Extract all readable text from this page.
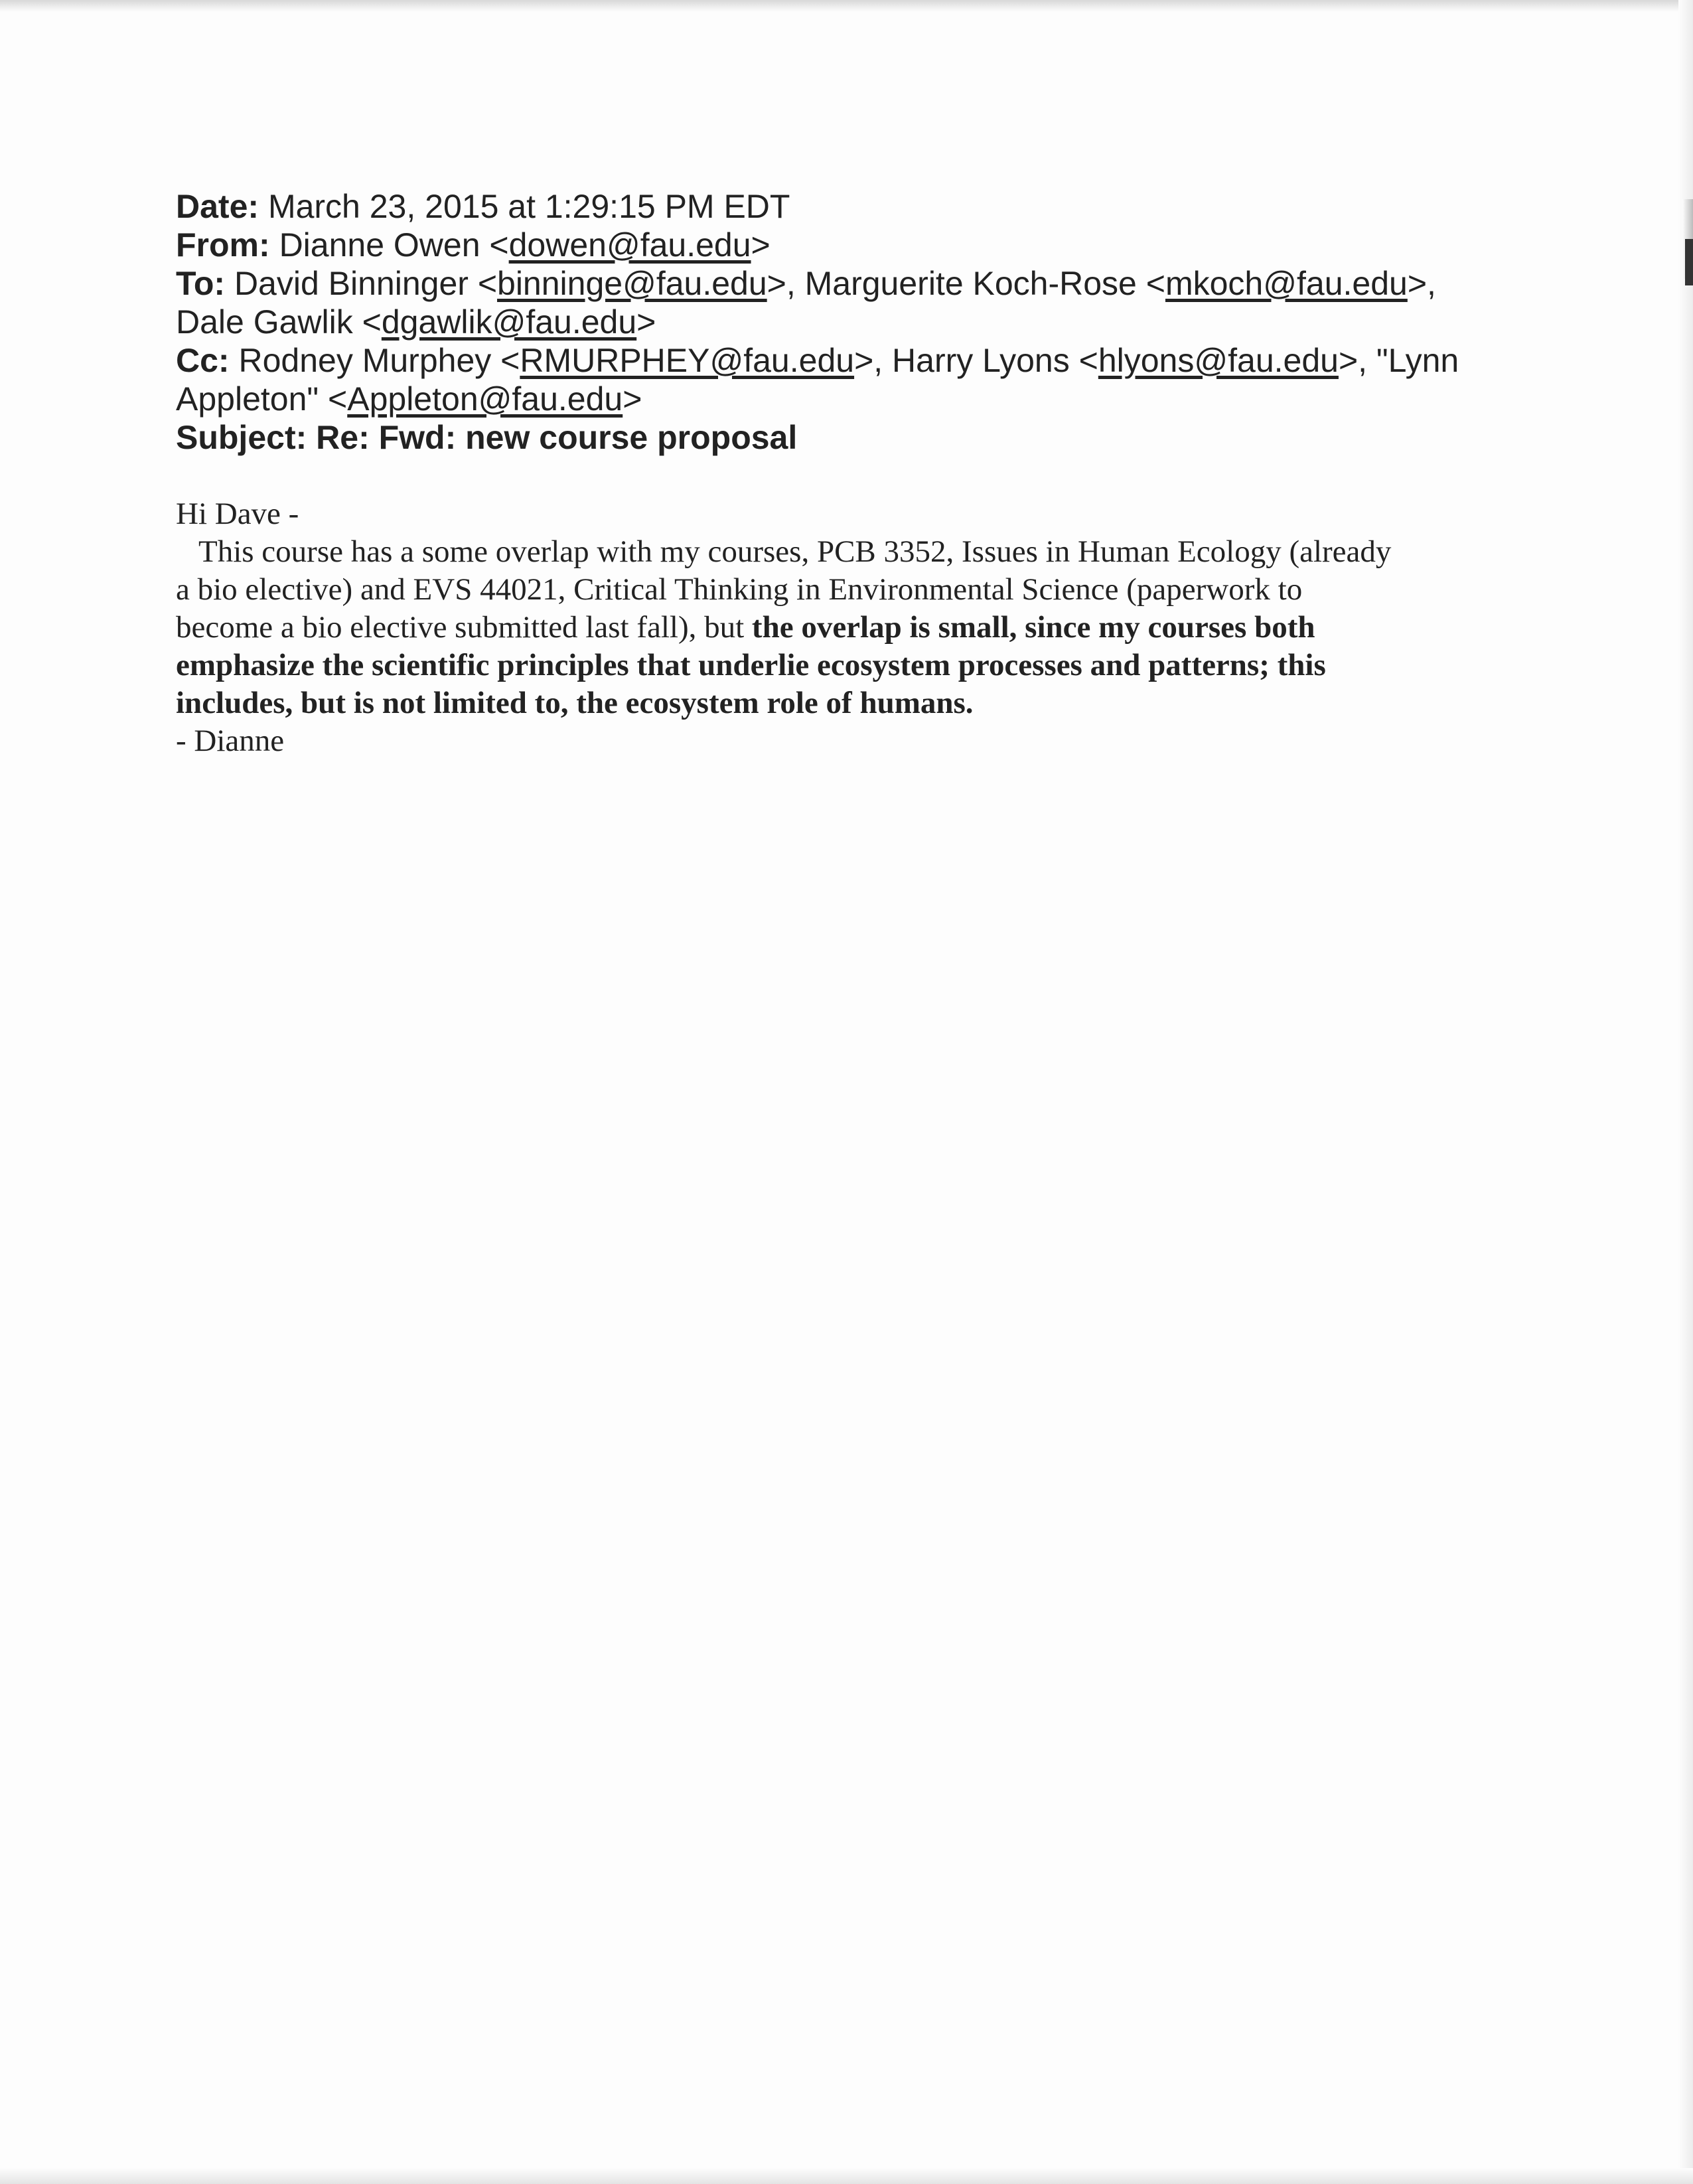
Date: March 23, 2015 at 1:29:15 PM EDT
From: Dianne Owen <dowen@fau.edu>
To: David Binninger <binninge@fau.edu>, Marguerite Koch-Rose <mkoch@fau.edu>,
Dale Gawlik <dgawlik@fau.edu>
Cc: Rodney Murphey <RMURPHEY@fau.edu>, Harry Lyons <hlyons@fau.edu>, "Lynn
Appleton" <Appleton@fau.edu>
Subject: Re: Fwd: new course proposal
Hi Dave -
This course has a some overlap with my courses, PCB 3352, Issues in Human Ecology (already
a bio elective) and EVS 44021, Critical Thinking in Environmental Science (paperwork to
become a bio elective submitted last fall), but the overlap is small, since my courses both
emphasize the scientific principles that underlie ecosystem processes and patterns; this
includes, but is not limited to, the ecosystem role of humans.
- Dianne
